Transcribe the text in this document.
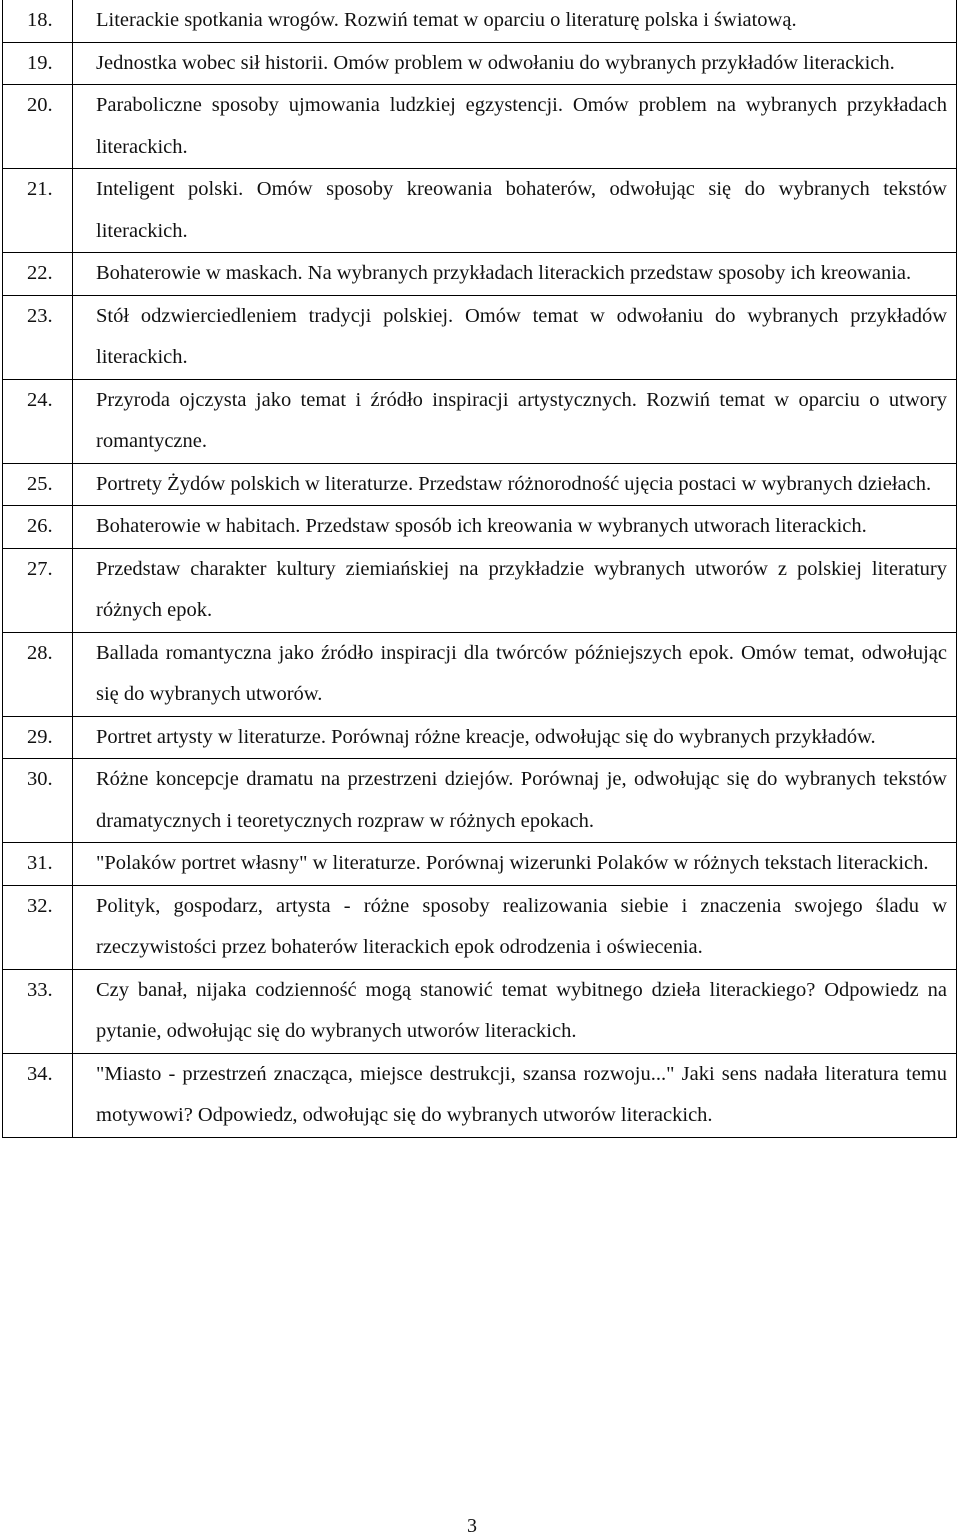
18.	Literackie spotkania wrogów. Rozwiń temat w oparciu o literaturę polska i światową.
19.	Jednostka wobec sił historii. Omów problem w odwołaniu do wybranych przykładów literackich.
20.	Paraboliczne sposoby ujmowania ludzkiej egzystencji. Omów problem na wybranych przykładach literackich.
21.	Inteligent polski. Omów sposoby kreowania bohaterów, odwołując się do wybranych tekstów literackich.
22.	Bohaterowie w maskach. Na wybranych przykładach literackich przedstaw sposoby ich kreowania.
23.	Stół odzwierciedleniem tradycji polskiej. Omów temat w odwołaniu do wybranych przykładów literackich.
24.	Przyroda ojczysta jako temat i źródło inspiracji artystycznych. Rozwiń temat w oparciu o utwory romantyczne.
25.	Portrety Żydów polskich w literaturze. Przedstaw różnorodność ujęcia postaci w wybranych dziełach.
26.	Bohaterowie w habitach. Przedstaw sposób ich kreowania w wybranych utworach literackich.
27.	Przedstaw charakter kultury ziemiańskiej na przykładzie wybranych utworów z polskiej literatury różnych epok.
28.	Ballada romantyczna jako źródło inspiracji dla twórców późniejszych epok. Omów temat, odwołując się do wybranych utworów.
29.	Portret artysty w literaturze. Porównaj różne kreacje, odwołując się do wybranych przykładów.
30.	Różne koncepcje dramatu na przestrzeni dziejów. Porównaj je, odwołując się do wybranych tekstów dramatycznych i teoretycznych rozpraw w różnych epokach.
31.	"Polaków portret własny" w literaturze. Porównaj wizerunki Polaków w różnych tekstach literackich.
32.	Polityk, gospodarz, artysta - różne sposoby realizowania siebie i znaczenia swojego śladu w rzeczywistości przez bohaterów literackich epok odrodzenia i oświecenia.
33.	Czy banał, nijaka codzienność mogą stanowić temat wybitnego dzieła literackiego? Odpowiedz na pytanie, odwołując się do wybranych utworów literackich.
34.	"Miasto - przestrzeń znacząca, miejsce destrukcji, szansa rozwoju..." Jaki sens nadała literatura temu motywowi? Odpowiedz, odwołując się do wybranych utworów literackich.
3
